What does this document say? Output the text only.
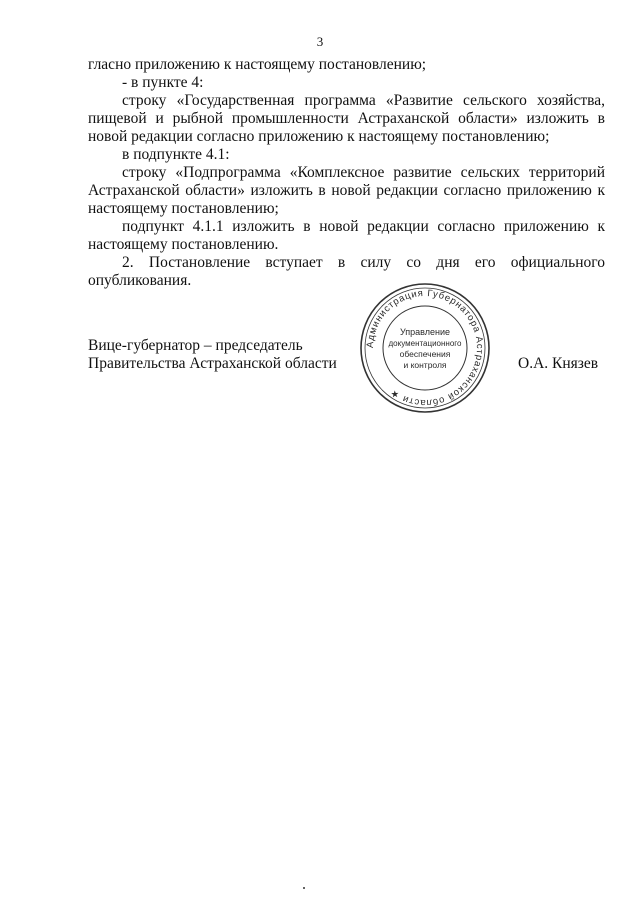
3

гласно приложению к настоящему постановлению;

- в пункте 4:

строку «Государственная программа «Развитие сельского хозяйства, пищевой и рыбной промышленности Астраханской области» изложить в новой редакции согласно приложению к настоящему постановлению;

в подпункте 4.1:

строку «Подпрограмма «Комплексное развитие сельских территорий Астраханской области» изложить в новой редакции согласно приложению к настоящему постановлению;

подпункт 4.1.1 изложить в новой редакции согласно приложению к настоящему постановлению.

2. Постановление вступает в силу со дня его официального опубликования.

Вице-губернатор – председатель
Правительства Астраханской области
Администрация Губернатора Астраханской области ★
Управление
документационного
обеспечения
и контроля	О.А. Князев
